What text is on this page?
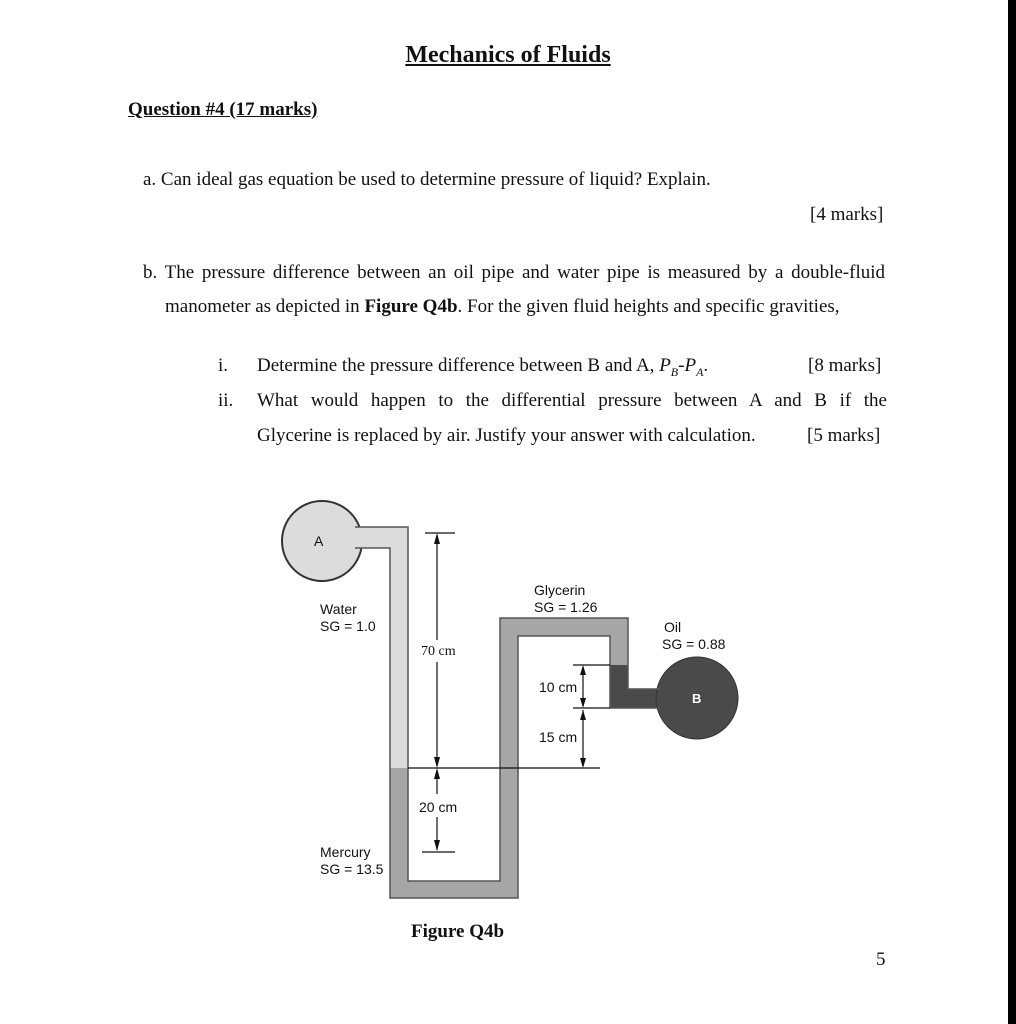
Mechanics of Fluids
Question #4 (17 marks)
a. Can ideal gas equation be used to determine pressure of liquid? Explain.
[4 marks]
b. The pressure difference between an oil pipe and water pipe is measured by a double-fluid
manometer as depicted in Figure Q4b. For the given fluid heights and specific gravities,
i. Determine the pressure difference between B and A, $P_B-P_A$.	[8 marks]
ii. What would happen to the differential pressure between A and B if the
Glycerine is replaced by air. Justify your answer with calculation.	[5 marks]
70 cm
20 cm
10 cm
15 cm
A
B
Water
SG = 1.0
Glycerin
SG = 1.26
Oil
SG = 0.88
Mercury
SG = 13.5
Figure Q4b
5
